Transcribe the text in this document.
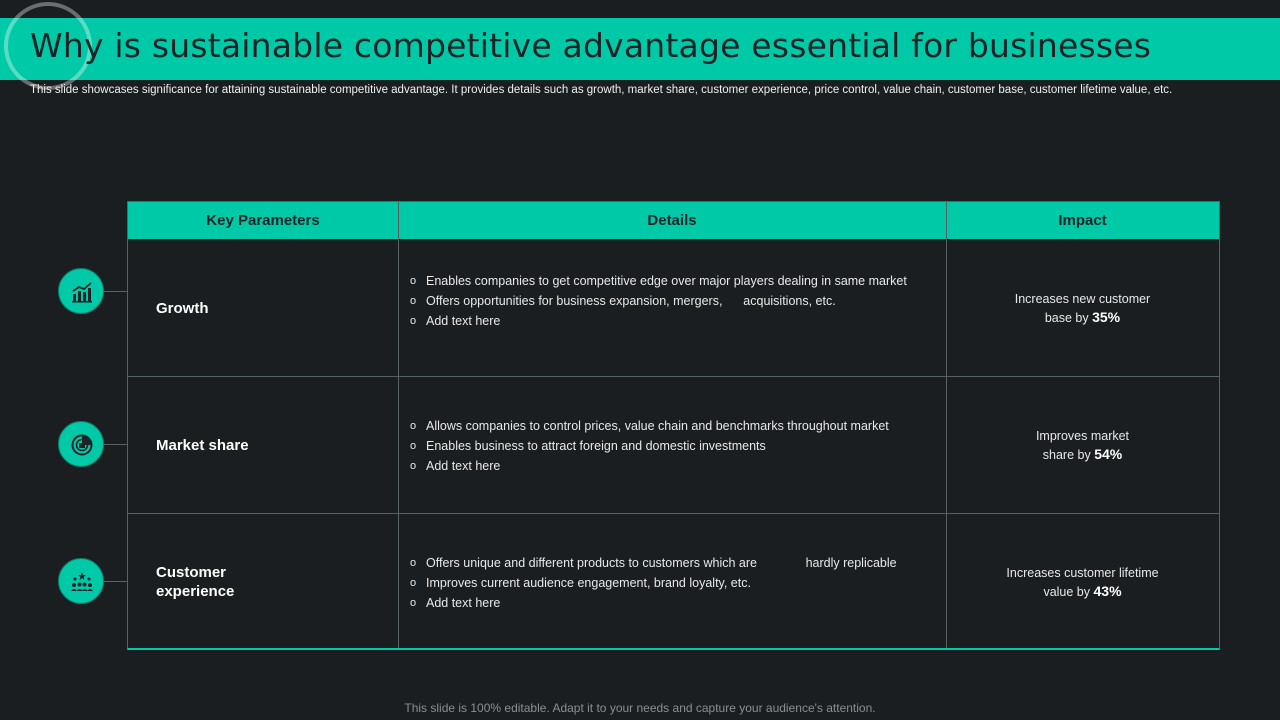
Why is sustainable competitive advantage essential for businesses
This slide showcases significance for attaining sustainable competitive advantage. It provides details such as growth, market share, customer experience, price control, value chain, customer base, customer lifetime value, etc.
Key Parameters	Details	Impact
Growth
o Enables companies to get competitive edge over major players dealing in same market
o Offers opportunities for business expansion, mergers,      acquisitions, etc.
o Add text here
Increases new customer base by 35%
Market share
o Allows companies to control prices, value chain and benchmarks throughout market
o Enables business to attract foreign and domestic investments
o Add text here
Improves market share by 54%
Customer experience
o Offers unique and different products to customers which are              hardly replicable
o Improves current audience engagement, brand loyalty, etc.
o Add text here
Increases customer lifetime value by 43%
This slide is 100% editable. Adapt it to your needs and capture your audience's attention.
